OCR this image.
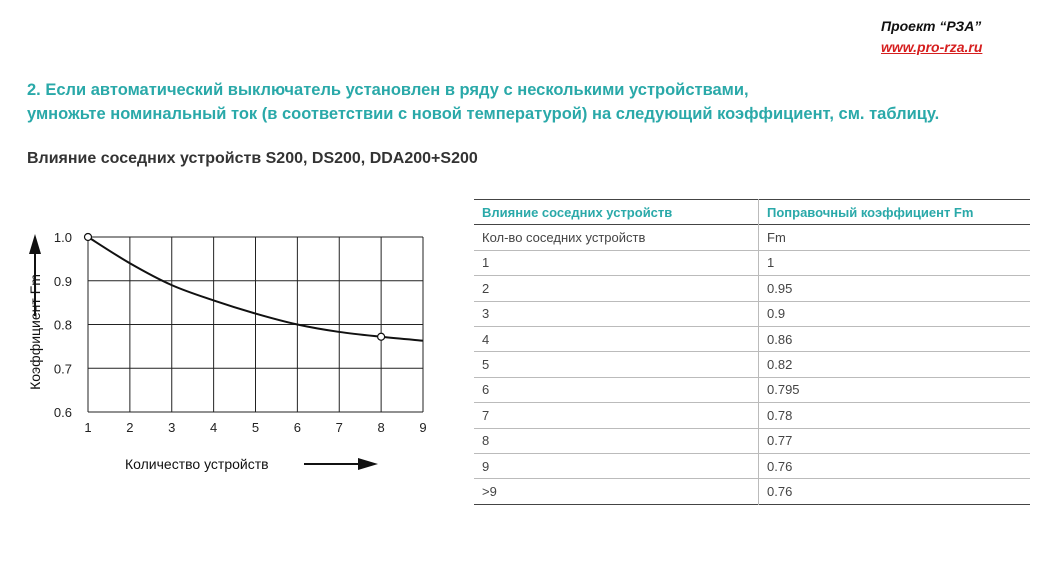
Проект “РЗА”
www.pro-rza.ru
2. Если автоматический выключатель установлен в ряду с несколькими устройствами,
умножьте номинальный ток (в соответствии с новой температурой) на следующий коэффициент, см. таблицу.
Влияние соседних устройств S200, DS200, DDA200+S200
Коэффициент Fm
Количество устройств
1	2	3	4	5	6	7	8	9
0.6
0.7
0.8
0.9
1.0
Влияние соседних устройств	Поправочный коэффициент Fm
Кол-во соседних устройств	Fm
1	1
2	0.95
3	0.9
4	0.86
5	0.82
6	0.795
7	0.78
8	0.77
9	0.76
>9	0.76
